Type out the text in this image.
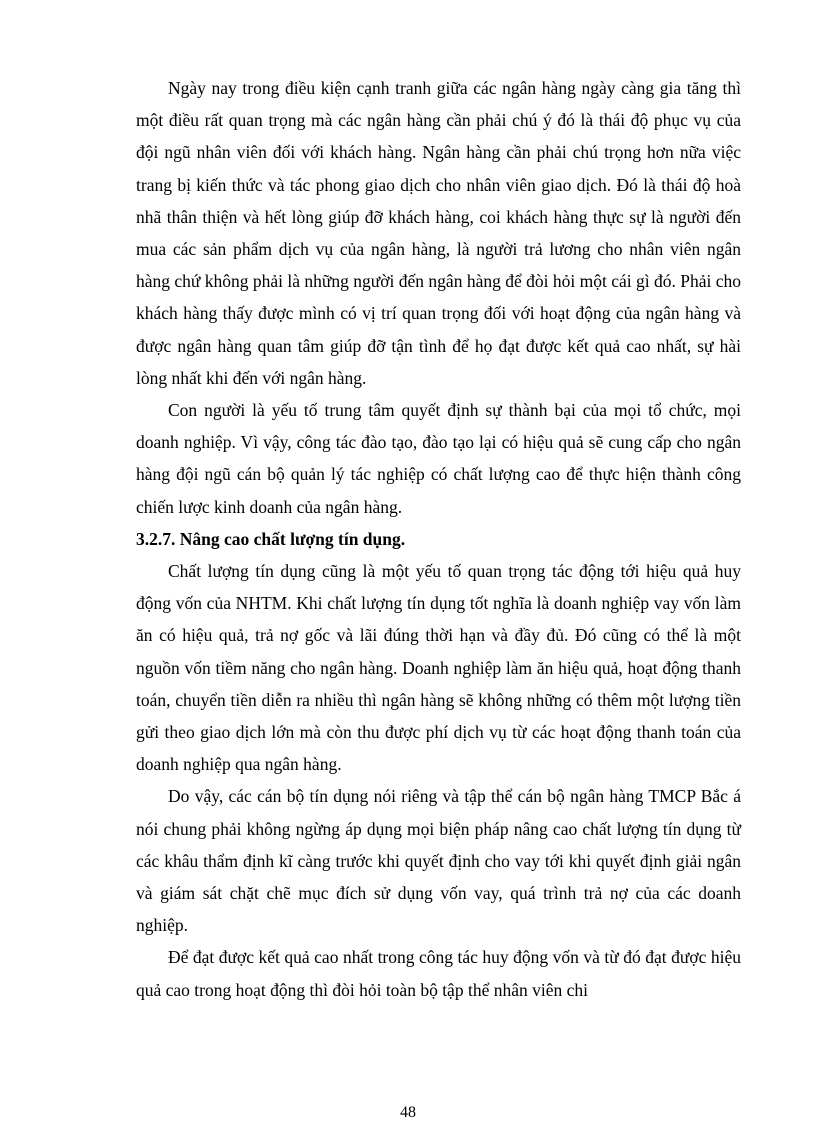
Ngày nay trong điều kiện cạnh tranh giữa các ngân hàng ngày càng gia tăng thì một điều rất quan trọng mà các ngân hàng cần phải chú ý đó là thái độ phục vụ của đội ngũ nhân viên đối với khách hàng. Ngân hàng cần phải chú trọng hơn nữa việc trang bị kiến thức và tác phong giao dịch cho nhân viên giao dịch. Đó là thái độ hoà nhã thân thiện và hết lòng giúp đỡ khách hàng, coi khách hàng thực sự là người đến mua các sản phẩm dịch vụ của ngân hàng, là người trả lương cho nhân viên ngân hàng chứ không phải là những người đến ngân hàng để đòi hỏi một cái gì đó. Phải cho khách hàng thấy được mình có vị trí quan trọng đối với hoạt động của ngân hàng và được ngân hàng quan tâm giúp đỡ tận tình để họ đạt được kết quả cao nhất, sự hài lòng nhất khi đến với ngân hàng.

Con người là yếu tố trung tâm quyết định sự thành bại của mọi tổ chức, mọi doanh nghiệp. Vì vậy, công tác đào tạo, đào tạo lại có hiệu quả sẽ cung cấp cho ngân hàng đội ngũ cán bộ quản lý tác nghiệp có chất lượng cao để thực hiện thành công chiến lược kinh doanh của ngân hàng.

3.2.7. Nâng cao chất lượng tín dụng.

Chất lượng tín dụng cũng là một yếu tố quan trọng tác động tới hiệu quả huy động vốn của NHTM. Khi chất lượng tín dụng tốt nghĩa là doanh nghiệp vay vốn làm ăn có hiệu quả, trả nợ gốc và lãi đúng thời hạn và đầy đủ. Đó cũng có thể là một nguồn vốn tiềm năng cho ngân hàng. Doanh nghiệp làm ăn hiệu quả, hoạt động thanh toán, chuyển tiền diễn ra nhiều thì ngân hàng sẽ không những có thêm một lượng tiền gửi theo giao dịch lớn mà còn thu được phí dịch vụ từ các hoạt động thanh toán của doanh nghiệp qua ngân hàng.

Do vậy, các cán bộ tín dụng nói riêng và tập thể cán bộ ngân hàng TMCP Bắc á nói chung phải không ngừng áp dụng mọi biện pháp nâng cao chất lượng tín dụng từ các khâu thẩm định kĩ càng trước khi quyết định cho vay tới khi quyết định giải ngân và giám sát chặt chẽ mục đích sử dụng vốn vay, quá trình trả nợ của các doanh nghiệp.

Để đạt được kết quả cao nhất trong công tác huy động vốn và từ đó đạt được hiệu quả cao trong hoạt động thì đòi hỏi toàn bộ tập thể nhân viên chi

48
